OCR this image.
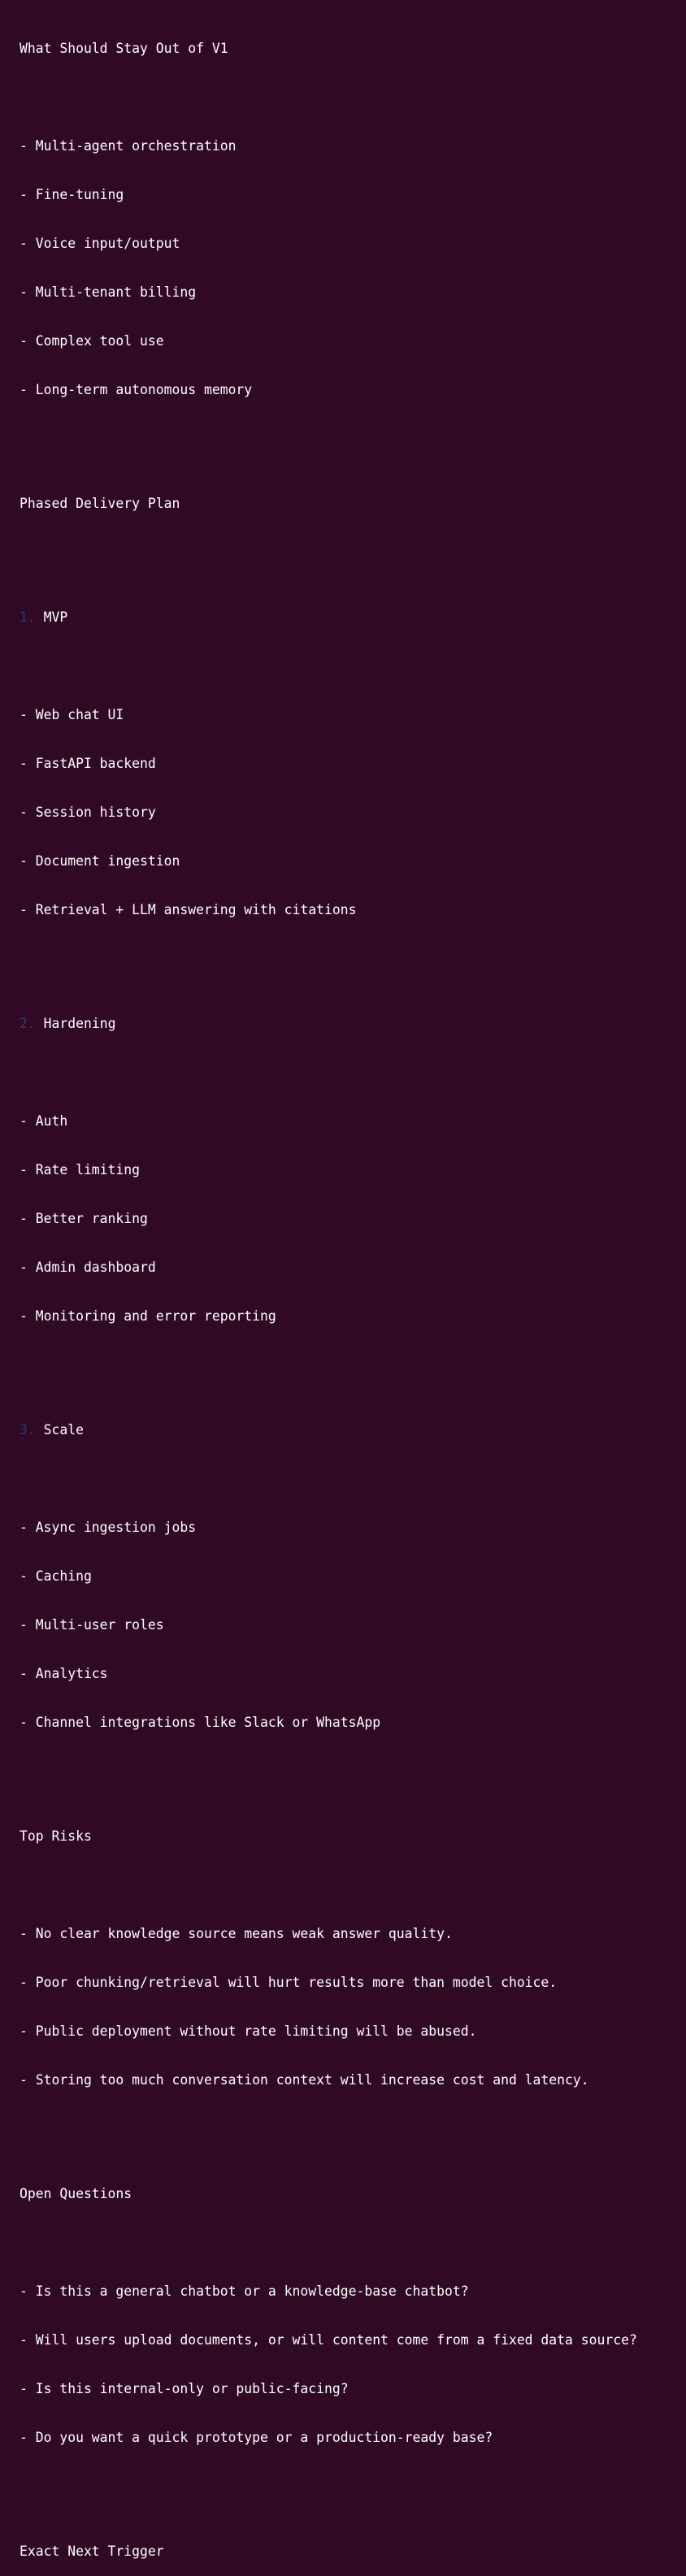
What Should Stay Out of V1

- Multi-agent orchestration

- Fine-tuning

- Voice input/output

- Multi-tenant billing

- Complex tool use

- Long-term autonomous memory

Phased Delivery Plan

1. MVP

- Web chat UI

- FastAPI backend

- Session history

- Document ingestion

- Retrieval + LLM answering with citations

2. Hardening

- Auth

- Rate limiting

- Better ranking

- Admin dashboard

- Monitoring and error reporting

3. Scale

- Async ingestion jobs

- Caching

- Multi-user roles

- Analytics

- Channel integrations like Slack or WhatsApp

Top Risks

- No clear knowledge source means weak answer quality.

- Poor chunking/retrieval will hurt results more than model choice.

- Public deployment without rate limiting will be abused.

- Storing too much conversation context will increase cost and latency.

Open Questions

- Is this a general chatbot or a knowledge-base chatbot?

- Will users upload documents, or will content come from a fixed data source?

- Is this internal-only or public-facing?

- Do you want a quick prototype or a production-ready base?

Exact Next Trigger
